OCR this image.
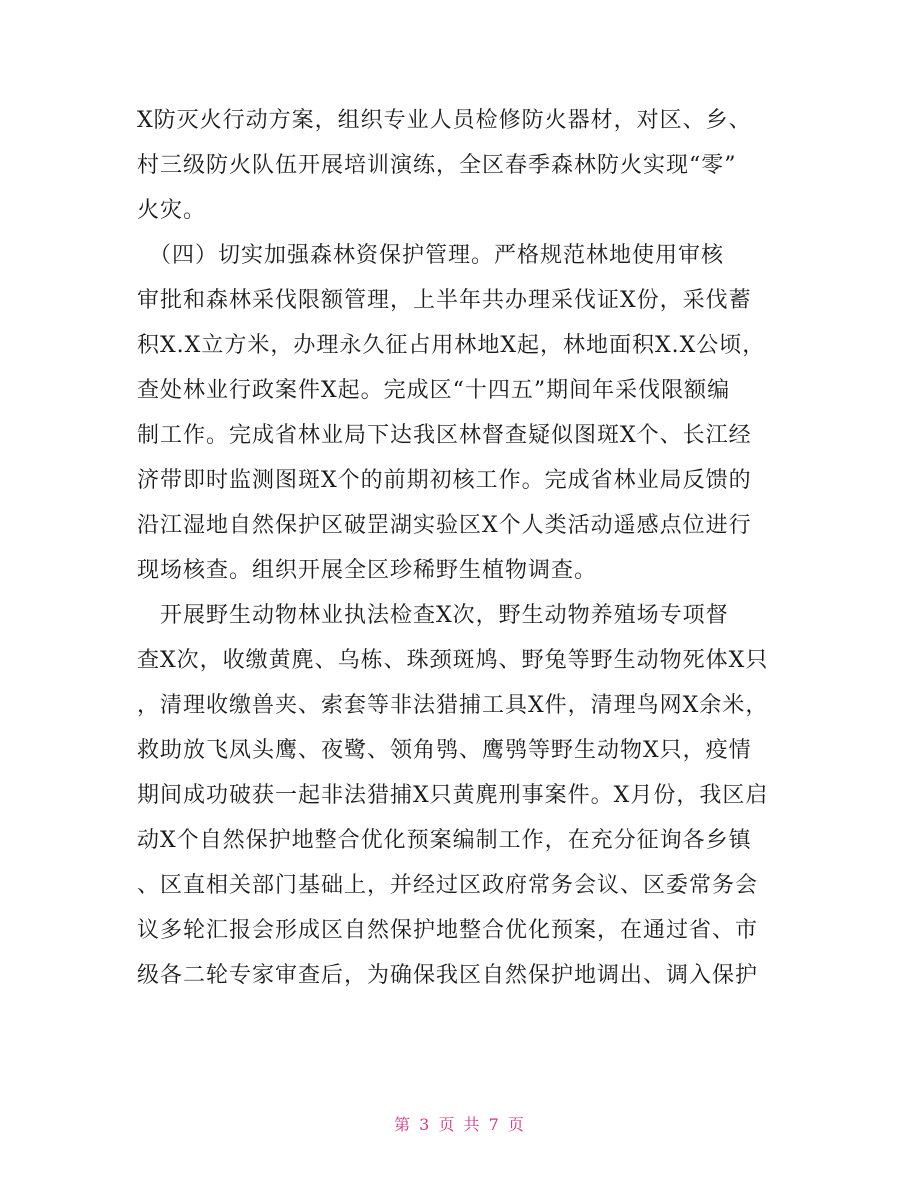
X防灭火行动方案，组织专业人员检修防火器材，对区、乡、
村三级防火队伍开展培训演练，全区春季森林防火实现“零”
火灾。
　（四）切实加强森林资保护管理。严格规范林地使用审核
审批和森林采伐限额管理，上半年共办理采伐证X份，采伐蓄
积X.X立方米，办理永久征占用林地X起，林地面积X.X公顷，
查处林业行政案件X起。完成区“十四五”期间年采伐限额编
制工作。完成省林业局下达我区林督查疑似图斑X个、长江经
济带即时监测图斑X个的前期初核工作。完成省林业局反馈的
沿江湿地自然保护区破罡湖实验区X个人类活动遥感点位进行
现场核查。组织开展全区珍稀野生植物调查。
　开展野生动物林业执法检查X次，野生动物养殖场专项督
查X次，收缴黄麂、乌栋、珠颈斑鸠、野兔等野生动物死体X只
，清理收缴兽夹、索套等非法猎捕工具X件，清理鸟网X余米，
救助放飞凤头鹰、夜鹭、领角鸮、鹰鸮等野生动物X只，疫情
期间成功破获一起非法猎捕X只黄麂刑事案件。X月份，我区启
动X个自然保护地整合优化预案编制工作，在充分征询各乡镇
、区直相关部门基础上，并经过区政府常务会议、区委常务会
议多轮汇报会形成区自然保护地整合优化预案，在通过省、市
级各二轮专家审查后，为确保我区自然保护地调出、调入保护
第 3 页 共 7 页
